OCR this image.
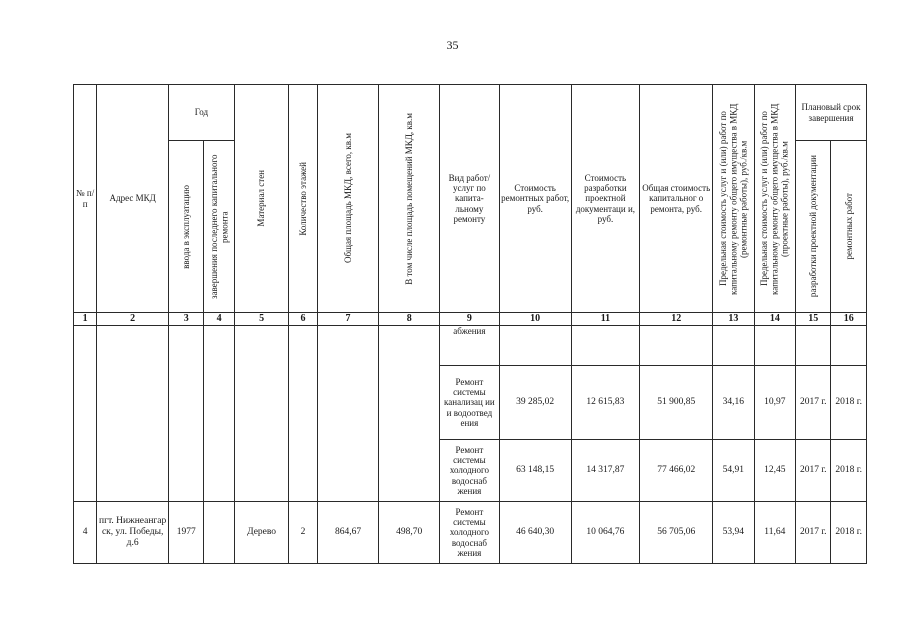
35
№ п/ п	Адрес МКД	Год		Материал стен	Количество этажей	Общая площадь МКД, всего, кв.м	В том числе площадь помещений МКД, кв.м	Вид работ/ услуг по капита-льному ремонту	Стоимость ремонтных работ, руб.	Стоимость разработки проектной документаци и, руб.	Общая стоимость капитальног о ремонта, руб.	Предельная стоимость услуг и (или) работ по капитальному ремонту общего имущества в МКД (ремонтные работы), руб./кв.м	Предельная стоимость услуг и (или) работ по капитальному ремонту общего имущества в МКД (проектные работы), руб./кв.м	Плановый срок завершения	

		ввода в эксплуатацию	завершения последнего капитального ремонта											разработки проектной документации	ремонтных работ

1	2	3	4	5	6	7	8	9	10	11	12	13	14	15	16
								абжения							
								Ремонт системы канализац ии и водоотвед ения	39 285,02	12 615,83	51 900,85	34,16	10,97	2017 г.	2018 г.
								Ремонт системы холодного водоснаб жения	63 148,15	14 317,87	77 466,02	54,91	12,45	2017 г.	2018 г.
4	пгт. Нижнеангар ск, ул. Победы, д.6	1977		Дерево	2	864,67	498,70	Ремонт системы холодного водоснаб жения	46 640,30	10 064,76	56 705,06	53,94	11,64	2017 г.	2018 г.
